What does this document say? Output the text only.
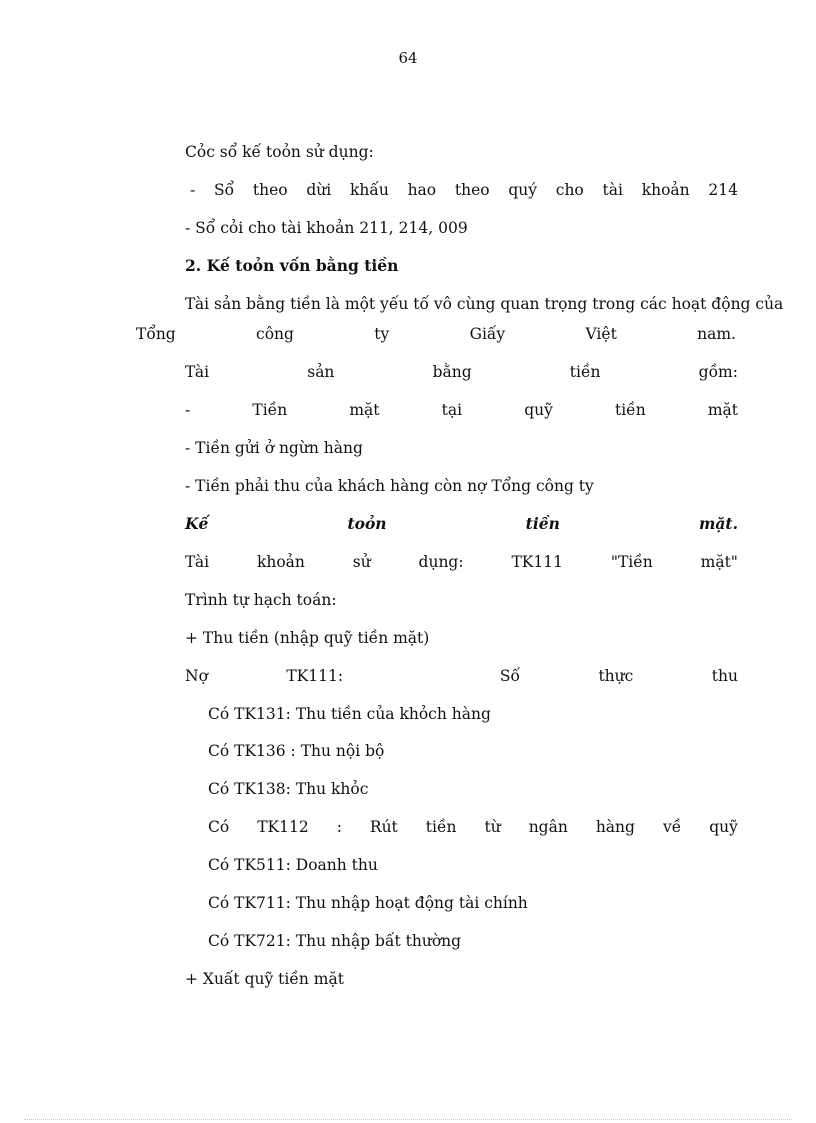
64
Cỏc sổ kế toỏn sử dụng:
- Sổ theo dừi khấu hao theo quý cho tài khoản 214
- Sổ cỏi cho tài khoản 211, 214, 009
2. Kế toỏn vốn bằng tiền
Tài sản bằng tiền là một yếu tố vô cùng quan trọng trong các hoạt động của
Tổng	công	ty	Giấy	Việt	nam.
Tài	sản	bằng	tiền	gồm:
-	Tiền	mặt	tại	quỹ	tiền	mặt
- Tiền gửi ở ngừn hàng
- Tiền phải thu của khách hàng còn nợ Tổng công ty
Kế	toỏn	tiền	mặt.
Tài	khoản	sử	dụng:	TK111	"Tiền	mặt"
Trình tự hạch toán:
+ Thu tiền (nhập quỹ tiền mặt)
Nợ	TK111:	Số	thực	thu
Có TK131: Thu tiền của khỏch hàng
Có TK136 : Thu nội bộ
Có TK138: Thu khỏc
Có TK112 : Rút tiền từ ngân hàng về quỹ
Có TK511: Doanh thu
Có TK711: Thu nhập hoạt động tài chính
Có TK721: Thu nhập bất thường
+ Xuất quỹ tiền mặt
